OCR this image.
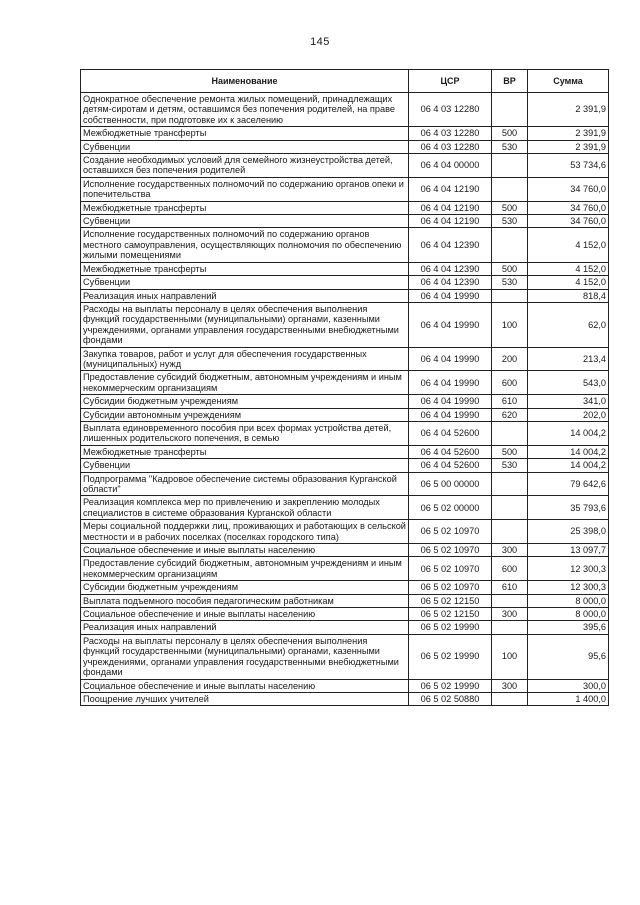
145
Наименование	ЦСР	ВР	Сумма
Однократное обеспечение ремонта жилых помещений, принадлежащих детям-сиротам и детям, оставшимся без попечения родителей, на праве собственности, при подготовке их к заселению	06 4 03 12280		2 391,9
Межбюджетные трансферты	06 4 03 12280	500	2 391,9
Субвенции	06 4 03 12280	530	2 391,9
Создание необходимых условий для семейного жизнеустройства детей, оставшихся без попечения родителей	06 4 04 00000		53 734,6
Исполнение государственных полномочий по содержанию органов опеки и попечительства	06 4 04 12190		34 760,0
Межбюджетные трансферты	06 4 04 12190	500	34 760,0
Субвенции	06 4 04 12190	530	34 760,0
Исполнение государственных полномочий по содержанию органов местного самоуправления, осуществляющих полномочия по обеспечению жилыми помещениями	06 4 04 12390		4 152,0
Межбюджетные трансферты	06 4 04 12390	500	4 152,0
Субвенции	06 4 04 12390	530	4 152,0
Реализация иных направлений	06 4 04 19990		818,4
Расходы на выплаты персоналу в целях обеспечения выполнения функций государственными (муниципальными) органами, казенными учреждениями, органами управления государственными внебюджетными фондами	06 4 04 19990	100	62,0
Закупка товаров, работ и услуг для обеспечения государственных (муниципальных) нужд	06 4 04 19990	200	213,4
Предоставление субсидий бюджетным, автономным учреждениям и иным некоммерческим организациям	06 4 04 19990	600	543,0
Субсидии бюджетным учреждениям	06 4 04 19990	610	341,0
Субсидии автономным учреждениям	06 4 04 19990	620	202,0
Выплата единовременного пособия при всех формах устройства детей, лишенных родительского попечения, в семью	06 4 04 52600		14 004,2
Межбюджетные трансферты	06 4 04 52600	500	14 004,2
Субвенции	06 4 04 52600	530	14 004,2
Подпрограмма "Кадровое обеспечение системы образования Курганской области"	06 5 00 00000		79 642,6
Реализация комплекса мер по привлечению и закреплению молодых специалистов в системе образования Курганской области	06 5 02 00000		35 793,6
Меры социальной поддержки лиц, проживающих и работающих в сельской местности и в рабочих поселках (поселках городского типа)	06 5 02 10970		25 398,0
Социальное обеспечение и иные выплаты населению	06 5 02 10970	300	13 097,7
Предоставление субсидий бюджетным, автономным учреждениям и иным некоммерческим организациям	06 5 02 10970	600	12 300,3
Субсидии бюджетным учреждениям	06 5 02 10970	610	12 300,3
Выплата подъемного пособия педагогическим работникам	06 5 02 12150		8 000,0
Социальное обеспечение и иные выплаты населению	06 5 02 12150	300	8 000,0
Реализация иных направлений	06 5 02 19990		395,6
Расходы на выплаты персоналу в целях обеспечения выполнения функций государственными (муниципальными) органами, казенными учреждениями, органами управления государственными внебюджетными фондами	06 5 02 19990	100	95,6
Социальное обеспечение и иные выплаты населению	06 5 02 19990	300	300,0
Поощрение лучших учителей	06 5 02 50880		1 400,0
